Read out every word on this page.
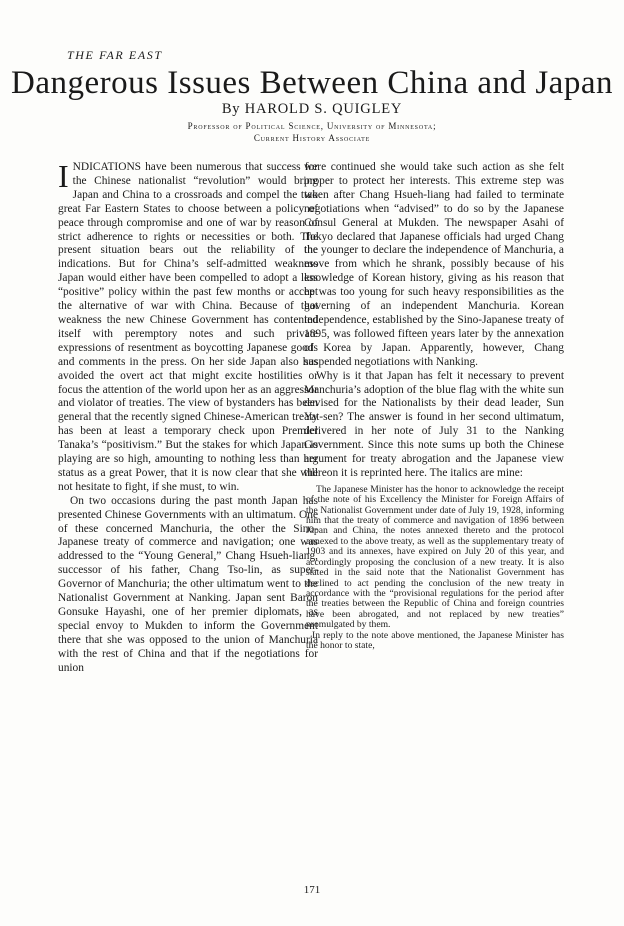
THE FAR EAST
Dangerous Issues Between China and Japan
By HAROLD S. QUIGLEY
Professor of Political Science, University of Minnesota;
Current History Associate

INDICATIONS have been numerous that success for the Chinese nationalist “revolution” would bring Japan and China to a crossroads and compel the two great Far Eastern States to choose between a policy of peace through compromise and one of war by reason of strict adherence to rights or necessities or both. The present situation bears out the reliability of the indications. But for China’s self-admitted weakness Japan would either have been compelled to adopt a less “positive” policy within the past few months or accept the alternative of war with China. Because of that weakness the new Chinese Government has contented itself with peremptory notes and such private expressions of resentment as boycotting Japanese goods and comments in the press. On her side Japan also has avoided the overt act that might excite hostilities or focus the attention of the world upon her as an aggressor and violator of treaties. The view of bystanders has been general that the recently signed Chinese-American treaty has been at least a temporary check upon Premier Tanaka’s “positivism.” But the stakes for which Japan is playing are so high, amounting to nothing less than her status as a great Power, that it is now clear that she will not hesitate to fight, if she must, to win.

On two occasions during the past month Japan has presented Chinese Governments with an ultimatum. One of these concerned Manchuria, the other the Sino-Japanese treaty of commerce and navigation; one was addressed to the “Young General,” Chang Hsueh-liang, successor of his father, Chang Tso-lin, as super-Governor of Manchuria; the other ultimatum went to the Nationalist Government at Nanking. Japan sent Baron Gonsuke Hayashi, one of her premier diplomats, as special envoy to Mukden to inform the Government there that she was opposed to the union of Manchuria with the rest of China and that if the negotiations for union

were continued she would take such action as she felt proper to protect her interests. This extreme step was taken after Chang Hsueh-liang had failed to terminate negotiations when “advised” to do so by the Japanese Consul General at Mukden. The newspaper Asahi of Tokyo declared that Japanese officials had urged Chang the younger to declare the independence of Manchuria, a move from which he shrank, possibly because of his knowledge of Korean history, giving as his reason that he was too young for such heavy responsibilities as the governing of an independent Manchuria. Korean independence, established by the Sino-Japanese treaty of 1895, was followed fifteen years later by the annexation of Korea by Japan. Apparently, however, Chang suspended negotiations with Nanking.

Why is it that Japan has felt it necessary to prevent Manchuria’s adoption of the blue flag with the white sun devised for the Nationalists by their dead leader, Sun Yat-sen? The answer is found in her second ultimatum, delivered in her note of July 31 to the Nanking Government. Since this note sums up both the Chinese argument for treaty abrogation and the Japanese view thereon it is reprinted here. The italics are mine:

The Japanese Minister has the honor to acknowledge the receipt of the note of his Excellency the Minister for Foreign Affairs of the Nationalist Government under date of July 19, 1928, informing him that the treaty of commerce and navigation of 1896 between Japan and China, the notes annexed thereto and the protocol annexed to the above treaty, as well as the supplementary treaty of 1903 and its annexes, have expired on July 20 of this year, and accordingly proposing the conclusion of a new treaty. It is also stated in the said note that the Nationalist Government has declined to act pending the conclusion of the new treaty in accordance with the “provisional regulations for the period after the treaties between the Republic of China and foreign countries have been abrogated, and not replaced by new treaties” promulgated by them.

In reply to the note above mentioned, the Japanese Minister has the honor to state,

171
